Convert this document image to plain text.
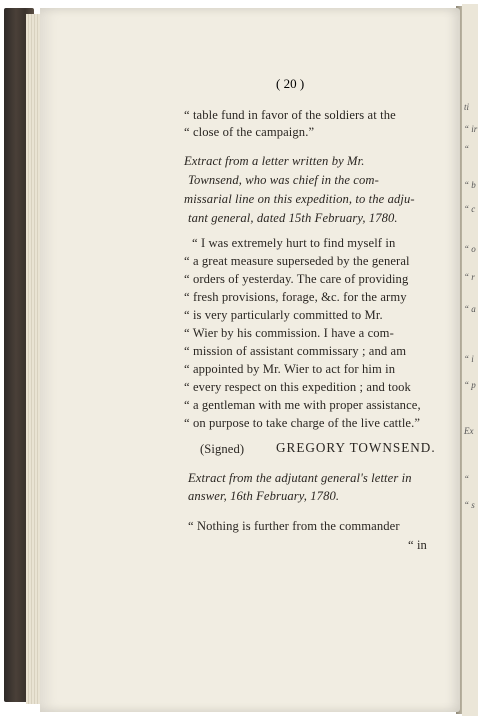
ti
“ ir
“
“ b
“ c
“ o
“ r
“ a
“ i
“ p
Ex
“
“ s
( 20 )
“ table fund in favor of the soldiers at the
“ close of the campaign.”
Extract from a letter written by Mr.
Townsend, who was chief in the com-
missarial line on this expedition, to the adju-
tant general, dated 15th February, 1780.
“ I was extremely hurt to find myself in
“ a great measure superseded by the general
“ orders of yesterday. The care of providing
“ fresh provisions, forage, &c. for the army
“ is very particularly committed to Mr.
“ Wier by his commission. I have a com-
“ mission of assistant commissary ; and am
“ appointed by Mr. Wier to act for him in
“ every respect on this expedition ; and took
“ a gentleman with me with proper assistance,
“ on purpose to take charge of the live cattle.”
(Signed) GREGORY TOWNSEND.
Extract from the adjutant general's letter in
answer, 16th February, 1780.
“ Nothing is further from the commander
“ in
